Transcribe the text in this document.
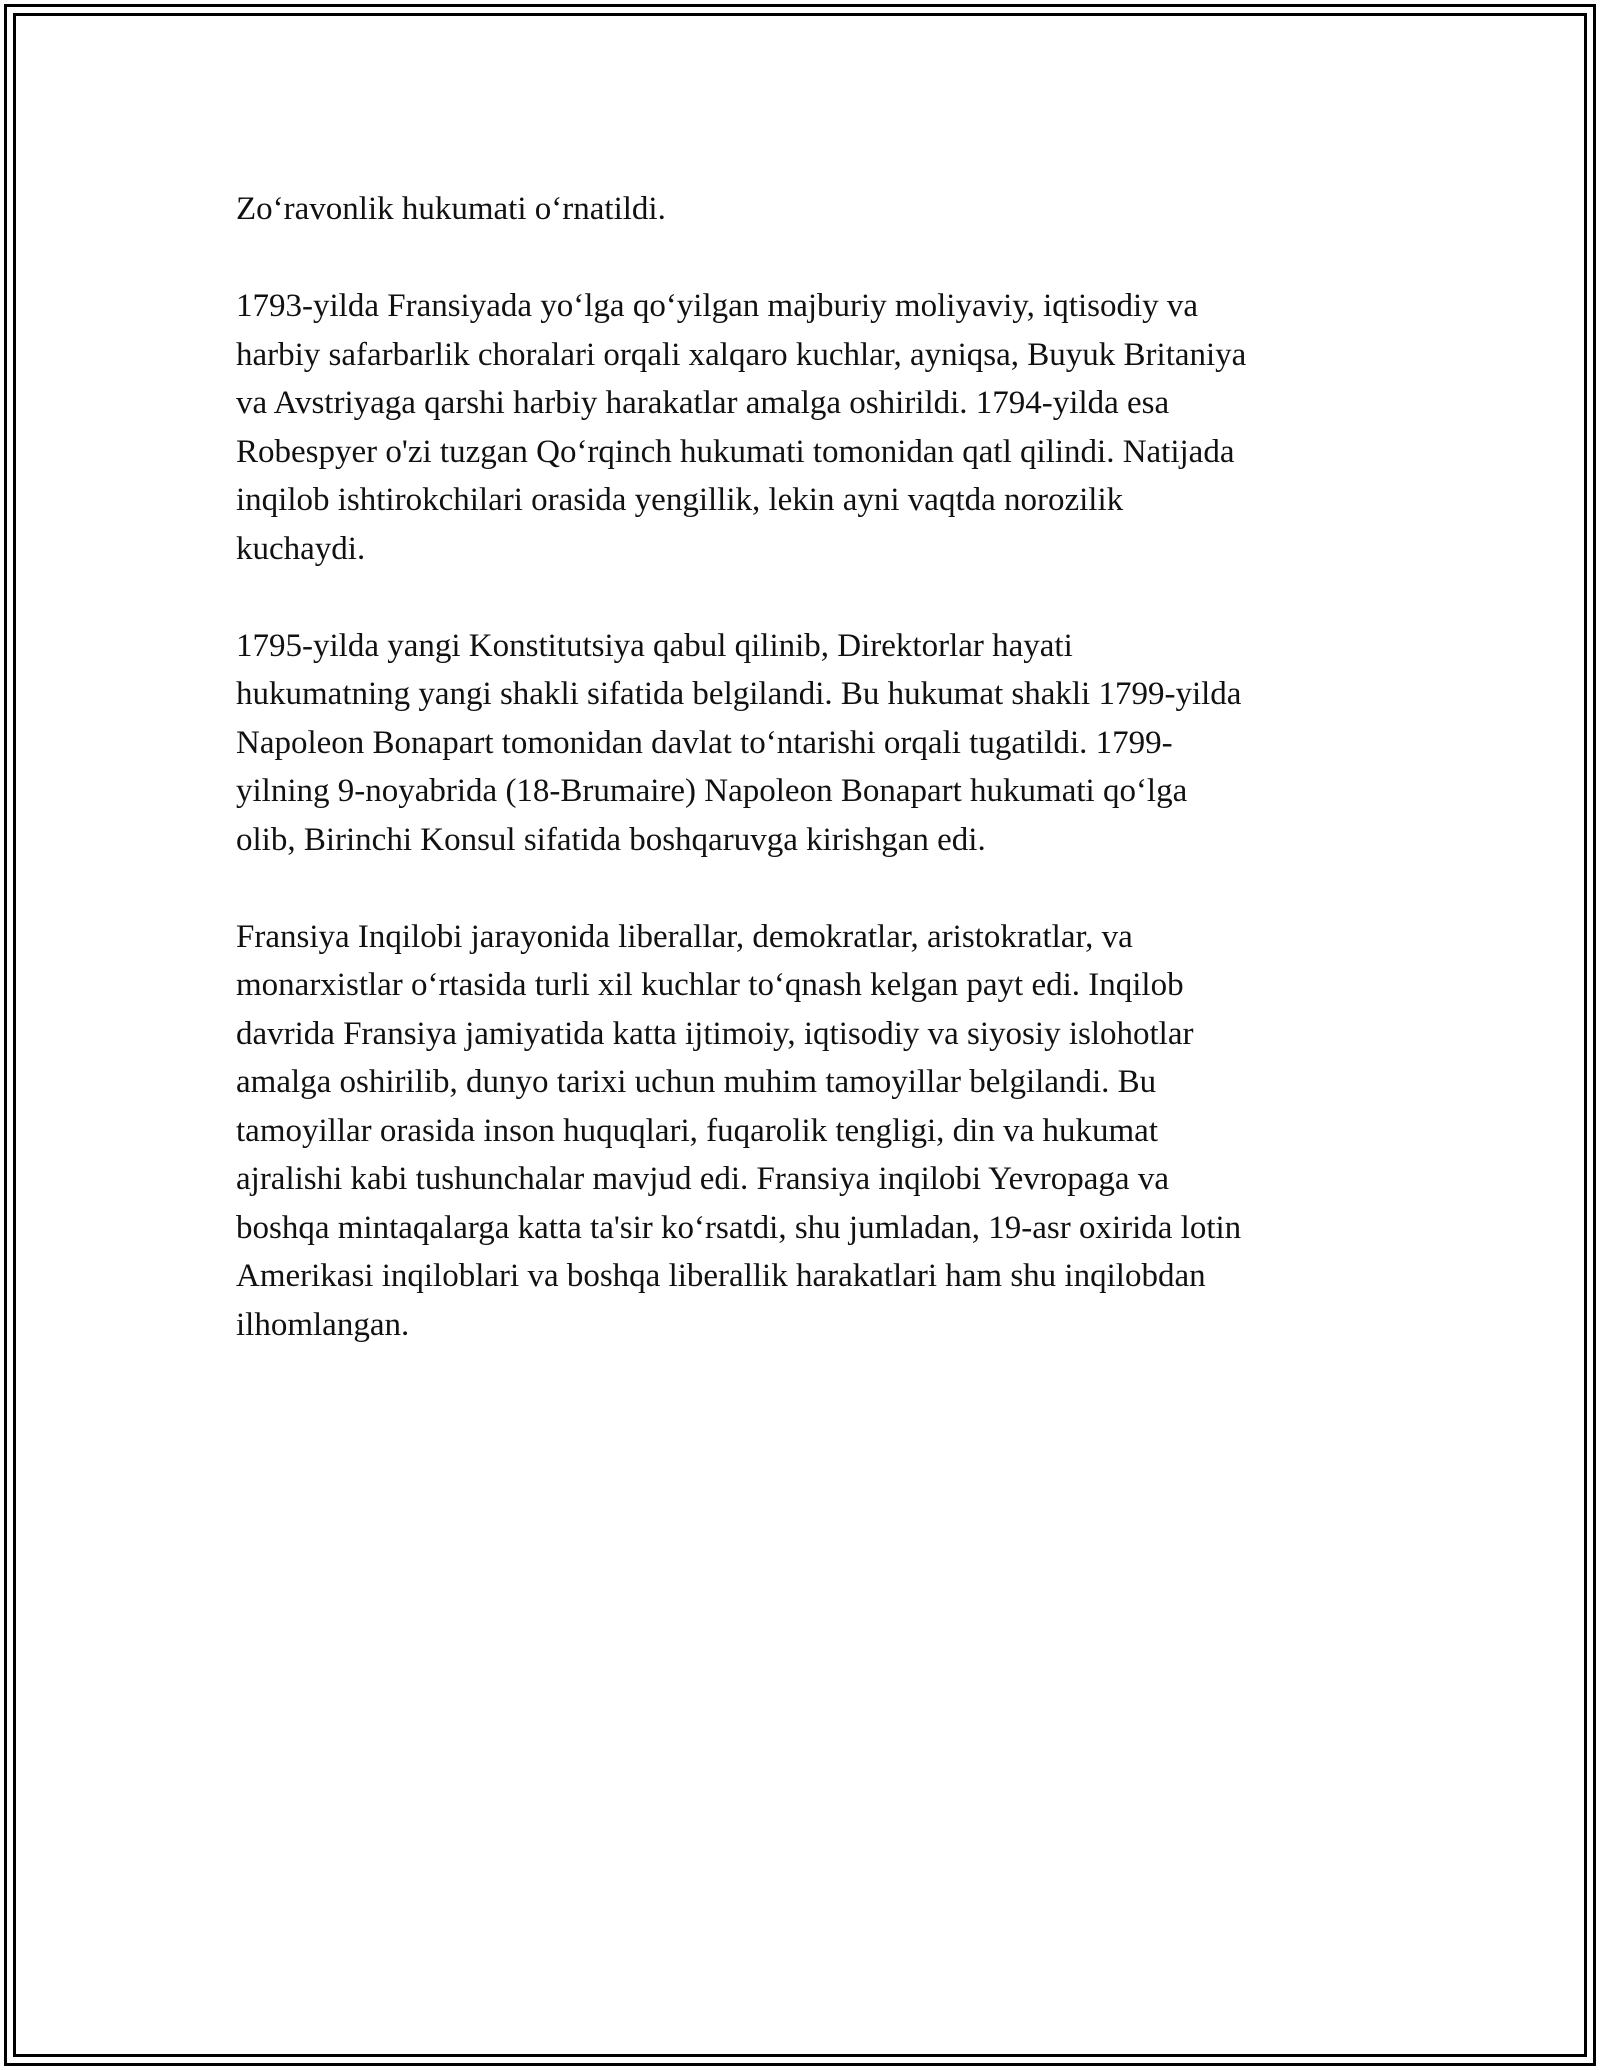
Zo‘ravonlik hukumati o‘rnatildi.

1793-yilda Fransiyada yo‘lga qo‘yilgan majburiy moliyaviy, iqtisodiy va
harbiy safarbarlik choralari orqali xalqaro kuchlar, ayniqsa, Buyuk Britaniya
va Avstriyaga qarshi harbiy harakatlar amalga oshirildi. 1794-yilda esa
Robespyer o'zi tuzgan Qo‘rqinch hukumati tomonidan qatl qilindi. Natijada
inqilob ishtirokchilari orasida yengillik, lekin ayni vaqtda norozilik
kuchaydi.

1795-yilda yangi Konstitutsiya qabul qilinib, Direktorlar hayati
hukumatning yangi shakli sifatida belgilandi. Bu hukumat shakli 1799-yilda
Napoleon Bonapart tomonidan davlat to‘ntarishi orqali tugatildi. 1799-
yilning 9-noyabrida (18-Brumaire) Napoleon Bonapart hukumati qo‘lga
olib, Birinchi Konsul sifatida boshqaruvga kirishgan edi.

Fransiya Inqilobi jarayonida liberallar, demokratlar, aristokratlar, va
monarxistlar o‘rtasida turli xil kuchlar to‘qnash kelgan payt edi. Inqilob
davrida Fransiya jamiyatida katta ijtimoiy, iqtisodiy va siyosiy islohotlar
amalga oshirilib, dunyo tarixi uchun muhim tamoyillar belgilandi. Bu
tamoyillar orasida inson huquqlari, fuqarolik tengligi, din va hukumat
ajralishi kabi tushunchalar mavjud edi. Fransiya inqilobi Yevropaga va
boshqa mintaqalarga katta ta'sir ko‘rsatdi, shu jumladan, 19-asr oxirida lotin
Amerikasi inqiloblari va boshqa liberallik harakatlari ham shu inqilobdan
ilhomlangan.
